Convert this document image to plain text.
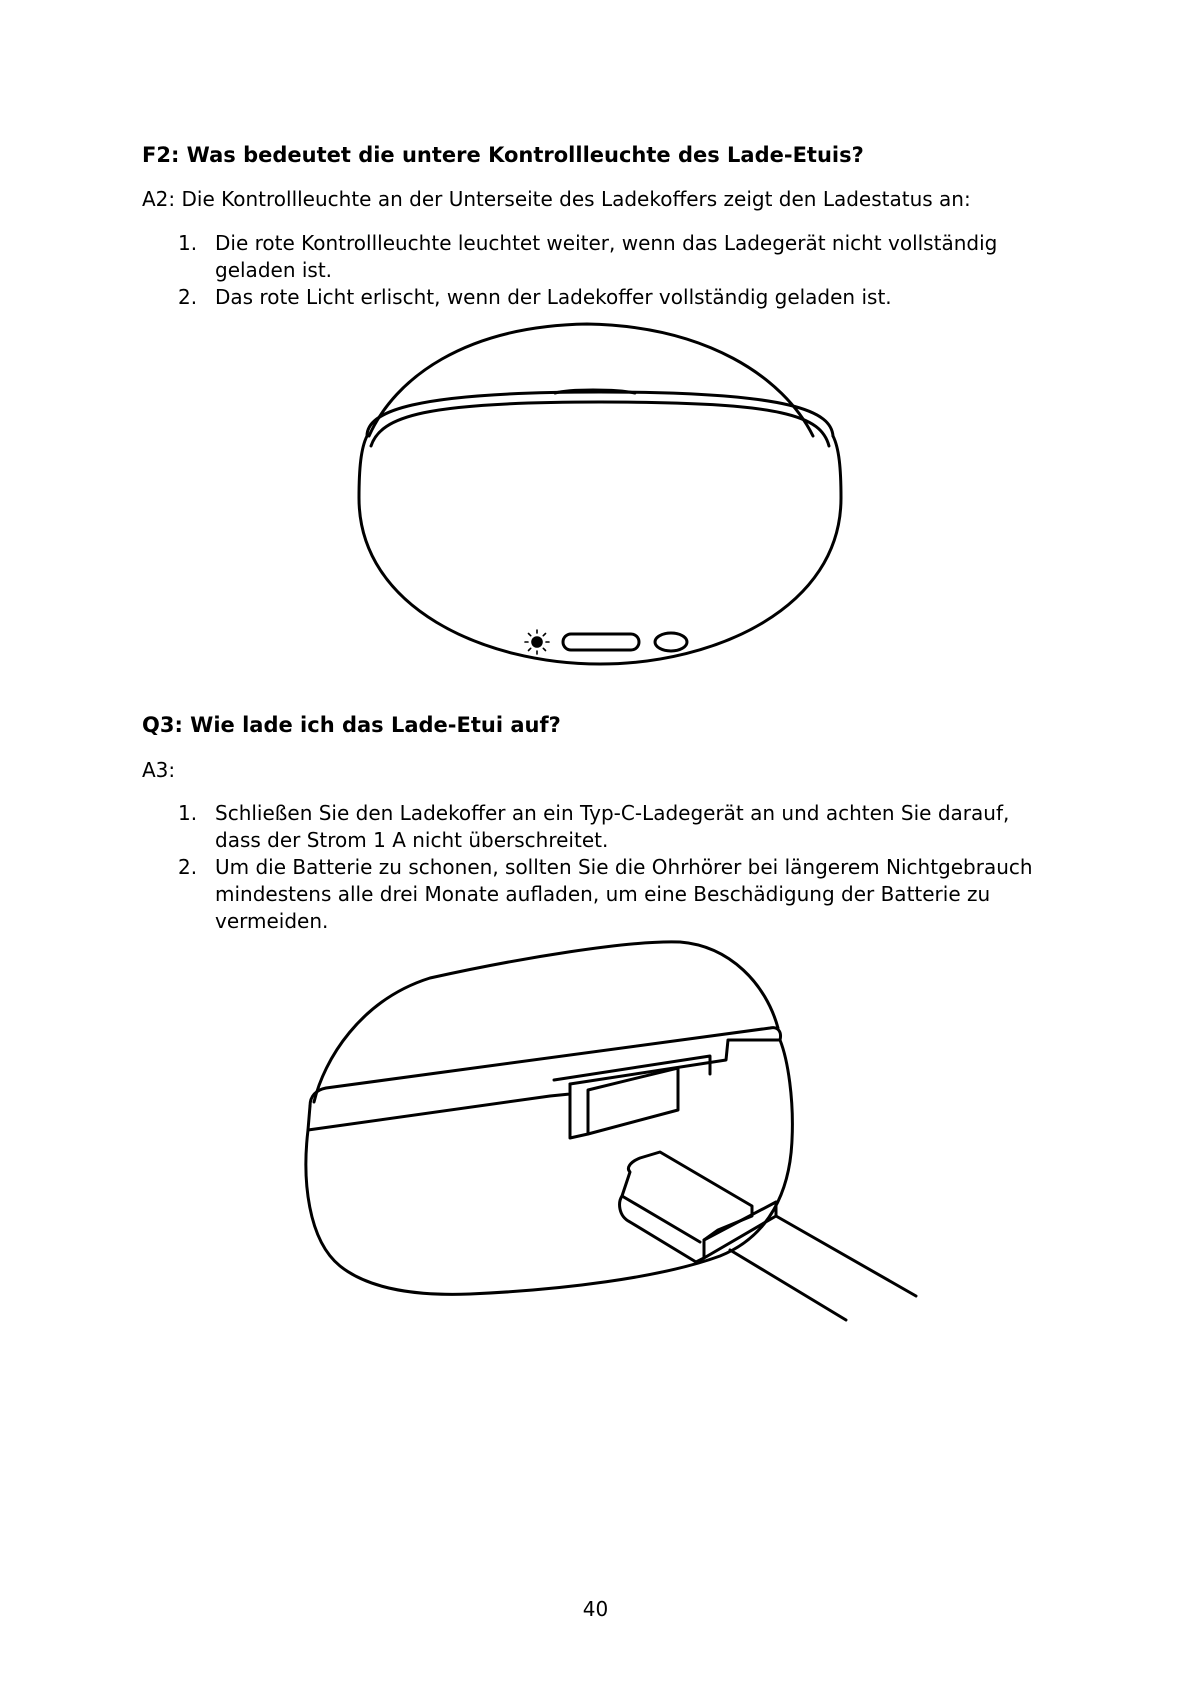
F2: Was bedeutet die untere Kontrollleuchte des Lade-Etuis?

A2: Die Kontrollleuchte an der Unterseite des Ladekoffers zeigt den Ladestatus an:

1. Die rote Kontrollleuchte leuchtet weiter, wenn das Ladegerät nicht vollständig geladen ist.
2. Das rote Licht erlischt, wenn der Ladekoffer vollständig geladen ist.
Q3: Wie lade ich das Lade-Etui auf?

A3:

1. Schließen Sie den Ladekoffer an ein Typ-C-Ladegerät an und achten Sie darauf, dass der Strom 1 A nicht überschreitet.
2. Um die Batterie zu schonen, sollten Sie die Ohrhörer bei längerem Nichtgebrauch mindestens alle drei Monate aufladen, um eine Beschädigung der Batterie zu vermeiden.
40
